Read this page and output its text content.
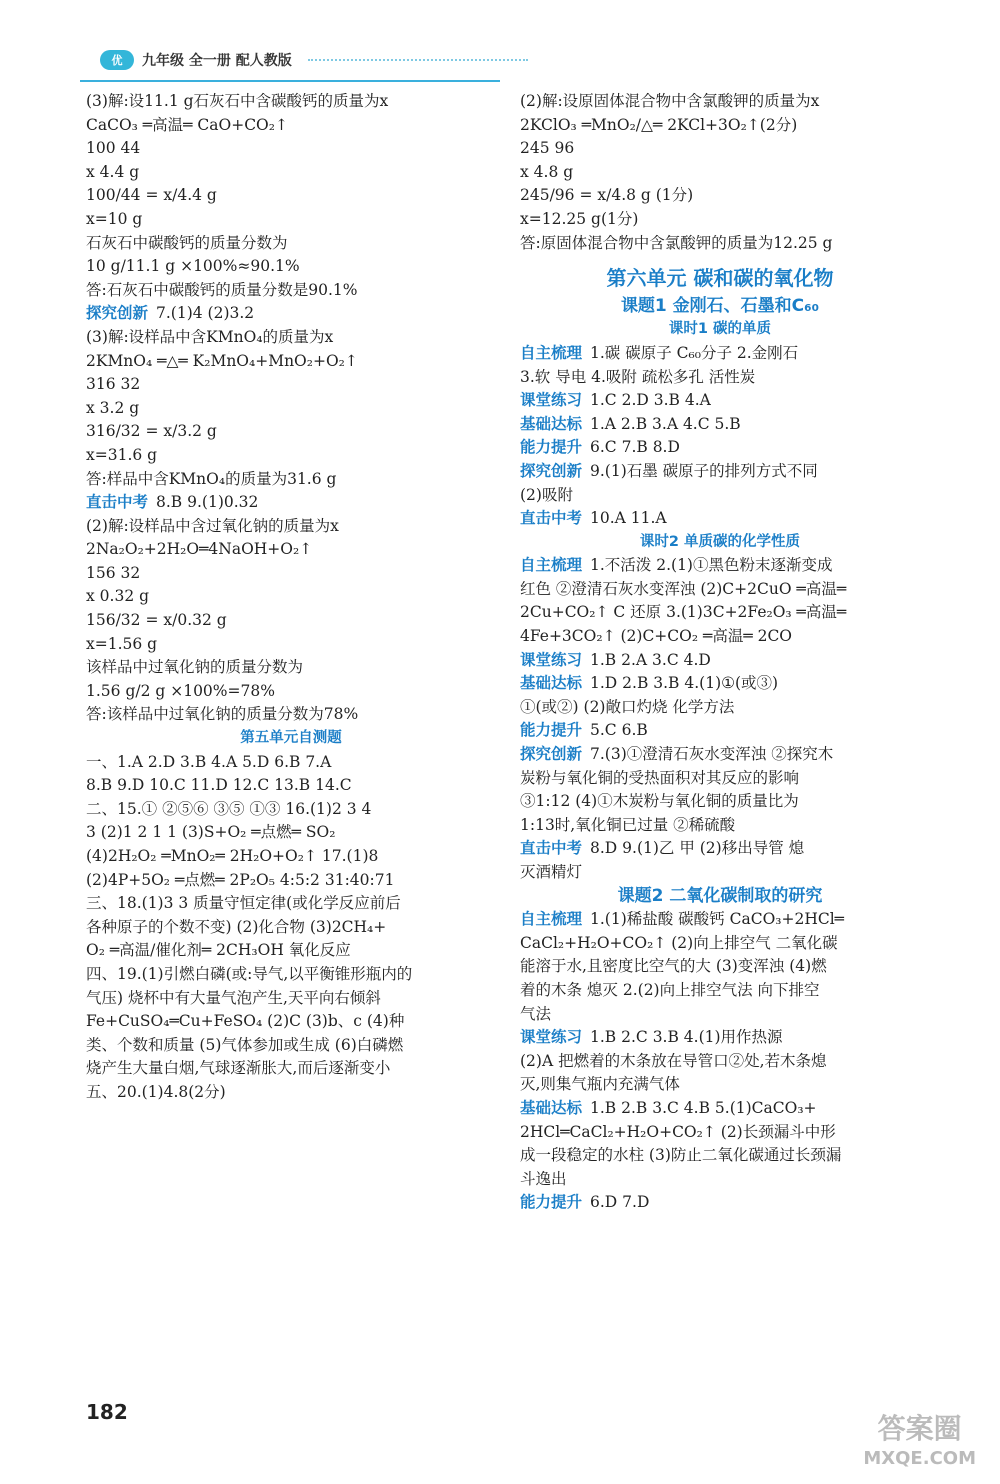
优	九年级 全一册 配人教版
(3)解:设11.1 g石灰石中含碳酸钙的质量为x
CaCO₃ ═高温═ CaO+CO₂↑
100 44
x 4.4 g
100/44 = x/4.4 g
x=10 g
石灰石中碳酸钙的质量分数为
10 g/11.1 g ×100%≈90.1%
答:石灰石中碳酸钙的质量分数是90.1%
探究创新 7.(1)4 (2)3.2
(3)解:设样品中含KMnO₄的质量为x
2KMnO₄ ═△═ K₂MnO₄+MnO₂+O₂↑
316 32
x 3.2 g
316/32 = x/3.2 g
x=31.6 g
答:样品中含KMnO₄的质量为31.6 g
直击中考 8.B 9.(1)0.32
(2)解:设样品中含过氧化钠的质量为x
2Na₂O₂+2H₂O═4NaOH+O₂↑
156 32
x 0.32 g
156/32 = x/0.32 g
x=1.56 g
该样品中过氧化钠的质量分数为
1.56 g/2 g ×100%=78%
答:该样品中过氧化钠的质量分数为78%
第五单元自测题
一、1.A 2.D 3.B 4.A 5.D 6.B 7.A
8.B 9.D 10.C 11.D 12.C 13.B 14.C
二、15.① ②⑤⑥ ③⑤ ①③ 16.(1)2 3 4
3 (2)1 2 1 1 (3)S+O₂ ═点燃═ SO₂
(4)2H₂O₂ ═MnO₂═ 2H₂O+O₂↑ 17.(1)8
(2)4P+5O₂ ═点燃═ 2P₂O₅ 4:5:2 31:40:71
三、18.(1)3 3 质量守恒定律(或化学反应前后
各种原子的个数不变) (2)化合物 (3)2CH₄+
O₂ ═高温/催化剂═ 2CH₃OH 氧化反应
四、19.(1)引燃白磷(或:导气,以平衡锥形瓶内的
气压) 烧杯中有大量气泡产生,天平向右倾斜
Fe+CuSO₄═Cu+FeSO₄ (2)C (3)b、c (4)种
类、个数和质量 (5)气体参加或生成 (6)白磷燃
烧产生大量白烟,气球逐渐胀大,而后逐渐变小
五、20.(1)4.8(2分)
(2)解:设原固体混合物中含氯酸钾的质量为x
2KClO₃ ═MnO₂/△═ 2KCl+3O₂↑(2分)
245 96
x 4.8 g
245/96 = x/4.8 g (1分)
x=12.25 g(1分)
答:原固体混合物中含氯酸钾的质量为12.25 g
第六单元 碳和碳的氧化物
课题1 金刚石、石墨和C₆₀
课时1 碳的单质
自主梳理 1.碳 碳原子 C₆₀分子 2.金刚石
3.软 导电 4.吸附 疏松多孔 活性炭
课堂练习 1.C 2.D 3.B 4.A
基础达标 1.A 2.B 3.A 4.C 5.B
能力提升 6.C 7.B 8.D
探究创新 9.(1)石墨 碳原子的排列方式不同
(2)吸附
直击中考 10.A 11.A
课时2 单质碳的化学性质
自主梳理 1.不活泼 2.(1)①黑色粉末逐渐变成
红色 ②澄清石灰水变浑浊 (2)C+2CuO ═高温═
2Cu+CO₂↑ C 还原 3.(1)3C+2Fe₂O₃ ═高温═
4Fe+3CO₂↑ (2)C+CO₂ ═高温═ 2CO
课堂练习 1.B 2.A 3.C 4.D
基础达标 1.D 2.B 3.B 4.(1)①(或③)
①(或②) (2)敞口灼烧 化学方法
能力提升 5.C 6.B
探究创新 7.(3)①澄清石灰水变浑浊 ②探究木
炭粉与氧化铜的受热面积对其反应的影响
③1:12 (4)①木炭粉与氧化铜的质量比为
1:13时,氧化铜已过量 ②稀硫酸
直击中考 8.D 9.(1)乙 甲 (2)移出导管 熄
灭酒精灯
课题2 二氧化碳制取的研究
自主梳理 1.(1)稀盐酸 碳酸钙 CaCO₃+2HCl═
CaCl₂+H₂O+CO₂↑ (2)向上排空气 二氧化碳
能溶于水,且密度比空气的大 (3)变浑浊 (4)燃
着的木条 熄灭 2.(2)向上排空气法 向下排空
气法
课堂练习 1.B 2.C 3.B 4.(1)用作热源
(2)A 把燃着的木条放在导管口②处,若木条熄
灭,则集气瓶内充满气体
基础达标 1.B 2.B 3.C 4.B 5.(1)CaCO₃+
2HCl═CaCl₂+H₂O+CO₂↑ (2)长颈漏斗中形
成一段稳定的水柱 (3)防止二氧化碳通过长颈漏
斗逸出
能力提升 6.D 7.D
182	答案圈
MXQE.COM
